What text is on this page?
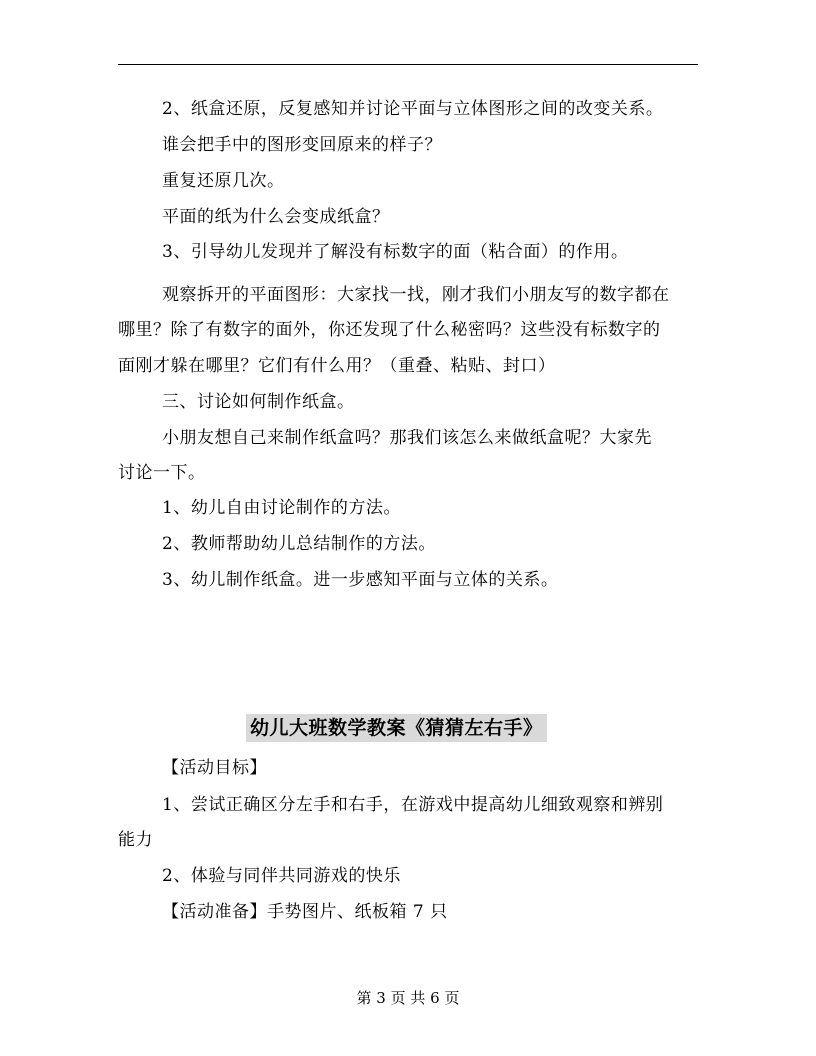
2、纸盒还原，反复感知并讨论平面与立体图形之间的改变关系。
谁会把手中的图形变回原来的样子？
重复还原几次。
平面的纸为什么会变成纸盒？
3、引导幼儿发现并了解没有标数字的面（粘合面）的作用。
观察拆开的平面图形：大家找一找，刚才我们小朋友写的数字都在
哪里？除了有数字的面外，你还发现了什么秘密吗？这些没有标数字的
面刚才躲在哪里？它们有什么用？（重叠、粘贴、封口）
三、讨论如何制作纸盒。
小朋友想自己来制作纸盒吗？那我们该怎么来做纸盒呢？大家先
讨论一下。
1、幼儿自由讨论制作的方法。
2、教师帮助幼儿总结制作的方法。
3、幼儿制作纸盒。进一步感知平面与立体的关系。
幼儿大班数学教案《猜猜左右手》
【活动目标】
1、尝试正确区分左手和右手，在游戏中提高幼儿细致观察和辨别
能力
2、体验与同伴共同游戏的快乐
【活动准备】手势图片、纸板箱 7 只
第 3 页 共 6 页
